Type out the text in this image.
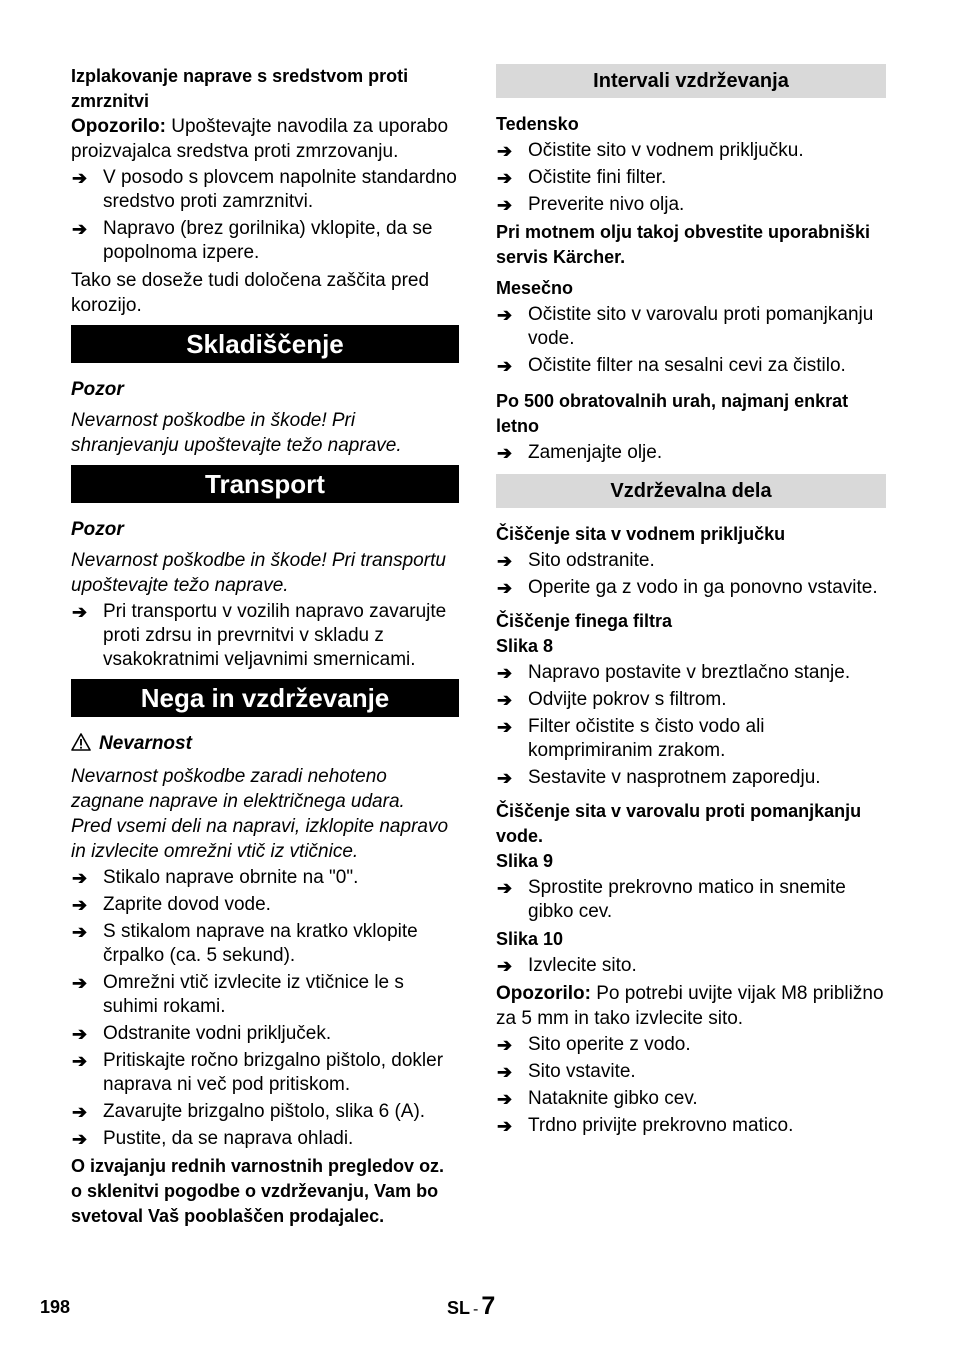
Izplakovanje naprave s sredstvom proti zmrznitvi

Opozorilo: Upoštevajte navodila za uporabo proizvajalca sredstva proti zmrzovanju.

➔ V posodo s plovcem napolnite standardno sredstvo proti zamrznitvi.
➔ Napravo (brez gorilnika) vklopite, da se popolnoma izpere.

Tako se doseže tudi določena zaščita pred korozijo.

Skladiščenje

Pozor

Nevarnost poškodbe in škode! Pri shranjevanju upoštevajte težo naprave.

Transport

Pozor

Nevarnost poškodbe in škode! Pri transportu upoštevajte težo naprave.

➔ Pri transportu v vozilih napravo zavarujte proti zdrsu in prevrnitvi v skladu z vsakokratnimi veljavnimi smernicami.
Nega in vzdrževanje

Nevarnost

Nevarnost poškodbe zaradi nehoteno zagnane naprave in električnega udara.

Pred vsemi deli na napravi, izklopite napravo in izvlecite omrežni vtič iz vtičnice.

➔ Stikalo naprave obrnite na "0".
➔ Zaprite dovod vode.
➔ S stikalom naprave na kratko vklopite črpalko (ca. 5 sekund).
➔ Omrežni vtič izvlecite iz vtičnice le s suhimi rokami.
➔ Odstranite vodni priključek.
➔ Pritiskajte ročno brizgalno pištolo, dokler naprava ni več pod pritiskom.
➔ Zavarujte brizgalno pištolo, slika 6 (A).
➔ Pustite, da se naprava ohladi.

O izvajanju rednih varnostnih pregledov oz. o sklenitvi pogodbe o vzdrževanju, Vam bo svetoval Vaš pooblaščen prodajalec.

Intervali vzdrževanja

Tedensko

➔ Očistite sito v vodnem priključku.
➔ Očistite fini filter.
➔ Preverite nivo olja.

Pri motnem olju takoj obvestite uporabniški servis Kärcher.

Mesečno

➔ Očistite sito v varovalu proti pomanjkanju vode.
➔ Očistite filter na sesalni cevi za čistilo.

Po 500 obratovalnih urah, najmanj enkrat letno

➔ Zamenjajte olje.
Vzdrževalna dela

Čiščenje sita v vodnem priključku

➔ Sito odstranite.
➔ Operite ga z vodo in ga ponovno vstavite.

Čiščenje finega filtra

Slika 8

➔ Napravo postavite v breztlačno stanje.
➔ Odvijte pokrov s filtrom.
➔ Filter očistite s čisto vodo ali komprimiranim zrakom.
➔ Sestavite v nasprotnem zaporedju.

Čiščenje sita v varovalu proti pomanjkanju vode.

Slika 9

➔ Sprostite prekrovno matico in snemite gibko cev.

Slika 10

➔ Izvlecite sito.

Opozorilo: Po potrebi uvijte vijak M8 približno za 5 mm in tako izvlecite sito.

➔ Sito operite z vodo.
➔ Sito vstavite.
➔ Nataknite gibko cev.
➔ Trdno privijte prekrovno matico.
198	SL - 7
